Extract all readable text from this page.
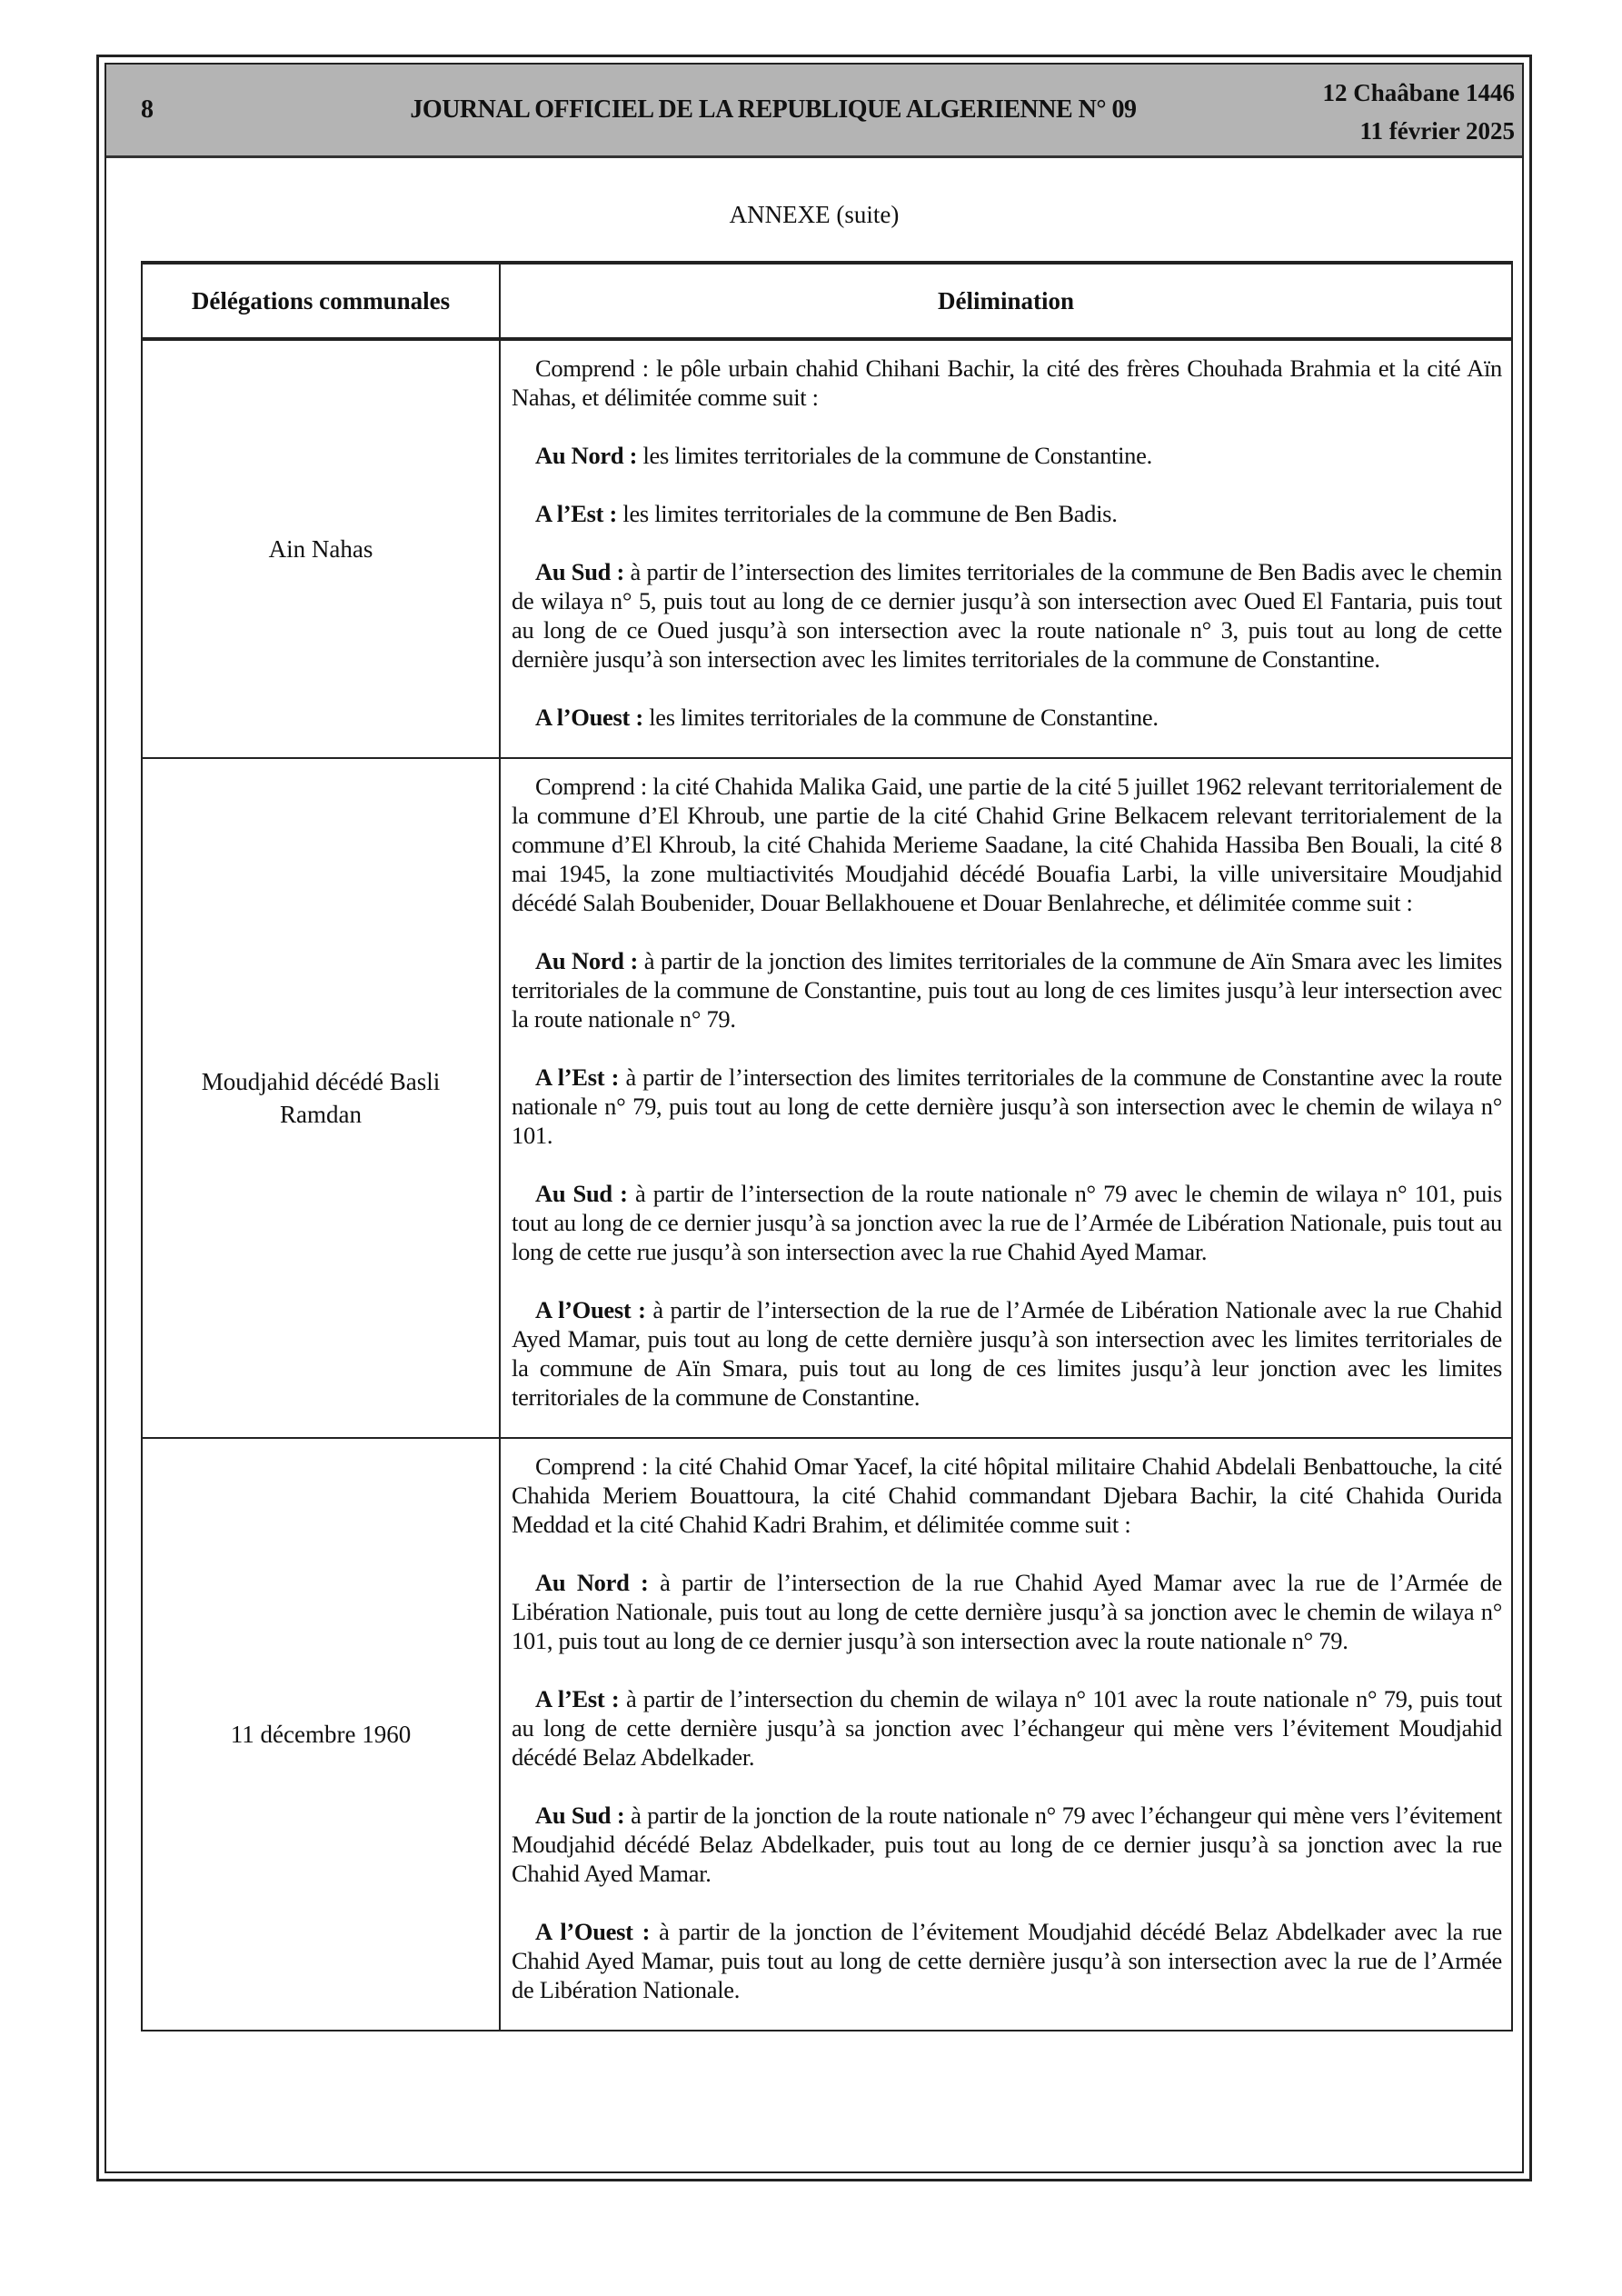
8	JOURNAL OFFICIEL DE LA REPUBLIQUE ALGERIENNE N° 09
12 Chaâbane 1446
11 février 2025
ANNEXE (suite)
Délégations communales	Délimination
Ain Nahas	Comprend : le pôle urbain chahid Chihani Bachir, la cité des frères Chouhada Brahmia et la cité Aïn Nahas, et délimitée comme suit :

Au Nord : les limites territoriales de la commune de Constantine.

A l’Est : les limites territoriales de la commune de Ben Badis.

Au Sud : à partir de l’intersection des limites territoriales de la commune de Ben Badis avec le chemin de wilaya n° 5, puis tout au long de ce dernier jusqu’à son intersection avec Oued El Fantaria, puis tout au long de ce Oued jusqu’à son intersection avec la route nationale n° 3, puis tout au long de cette dernière jusqu’à son intersection avec les limites territoriales de la commune de Constantine.

A l’Ouest : les limites territoriales de la commune de Constantine.

Moudjahid décédé Basli Ramdan	Comprend : la cité Chahida Malika Gaid, une partie de la cité 5 juillet 1962 relevant territorialement de la commune d’El Khroub, une partie de la cité Chahid Grine Belkacem relevant territorialement de la commune d’El Khroub, la cité Chahida Merieme Saadane, la cité Chahida Hassiba Ben Bouali, la cité 8 mai 1945, la zone multiactivités Moudjahid décédé Bouafia Larbi, la ville universitaire Moudjahid décédé Salah Boubenider, Douar Bellakhouene et Douar Benlahreche, et délimitée comme suit :

Au Nord : à partir de la jonction des limites territoriales de la commune de Aïn Smara avec les limites territoriales de la commune de Constantine, puis tout au long de ces limites jusqu’à leur intersection avec la route nationale n° 79.

A l’Est : à partir de l’intersection des limites territoriales de la commune de Constantine avec la route nationale n° 79, puis tout au long de cette dernière jusqu’à son intersection avec le chemin de wilaya n° 101.

Au Sud : à partir de l’intersection de la route nationale n° 79 avec le chemin de wilaya n° 101, puis tout au long de ce dernier jusqu’à sa jonction avec la rue de l’Armée de Libération Nationale, puis tout au long de cette rue jusqu’à son intersection avec la rue Chahid Ayed Mamar.

A l’Ouest : à partir de l’intersection de la rue de l’Armée de Libération Nationale avec la rue Chahid Ayed Mamar, puis tout au long de cette dernière jusqu’à son intersection avec les limites territoriales de la commune de Aïn Smara, puis tout au long de ces limites jusqu’à leur jonction avec les limites territoriales de la commune de Constantine.

11 décembre 1960	Comprend : la cité Chahid Omar Yacef, la cité hôpital militaire Chahid Abdelali Benbattouche, la cité Chahida Meriem Bouattoura, la cité Chahid commandant Djebara Bachir, la cité Chahida Ourida Meddad et la cité Chahid Kadri Brahim, et délimitée comme suit :

Au Nord : à partir de l’intersection de la rue Chahid Ayed Mamar avec la rue de l’Armée de Libération Nationale, puis tout au long de cette dernière jusqu’à sa jonction avec le chemin de wilaya n° 101, puis tout au long de ce dernier jusqu’à son intersection avec la route nationale n° 79.

A l’Est : à partir de l’intersection du chemin de wilaya n° 101 avec la route nationale n° 79, puis tout au long de cette dernière jusqu’à sa jonction avec l’échangeur qui mène vers l’évitement Moudjahid décédé Belaz Abdelkader.

Au Sud : à partir de la jonction de la route nationale n° 79 avec l’échangeur qui mène vers l’évitement Moudjahid décédé Belaz Abdelkader, puis tout au long de ce dernier jusqu’à sa jonction avec la rue Chahid Ayed Mamar.

A l’Ouest : à partir de la jonction de l’évitement Moudjahid décédé Belaz Abdelkader avec la rue Chahid Ayed Mamar, puis tout au long de cette dernière jusqu’à son intersection avec la rue de l’Armée de Libération Nationale.
